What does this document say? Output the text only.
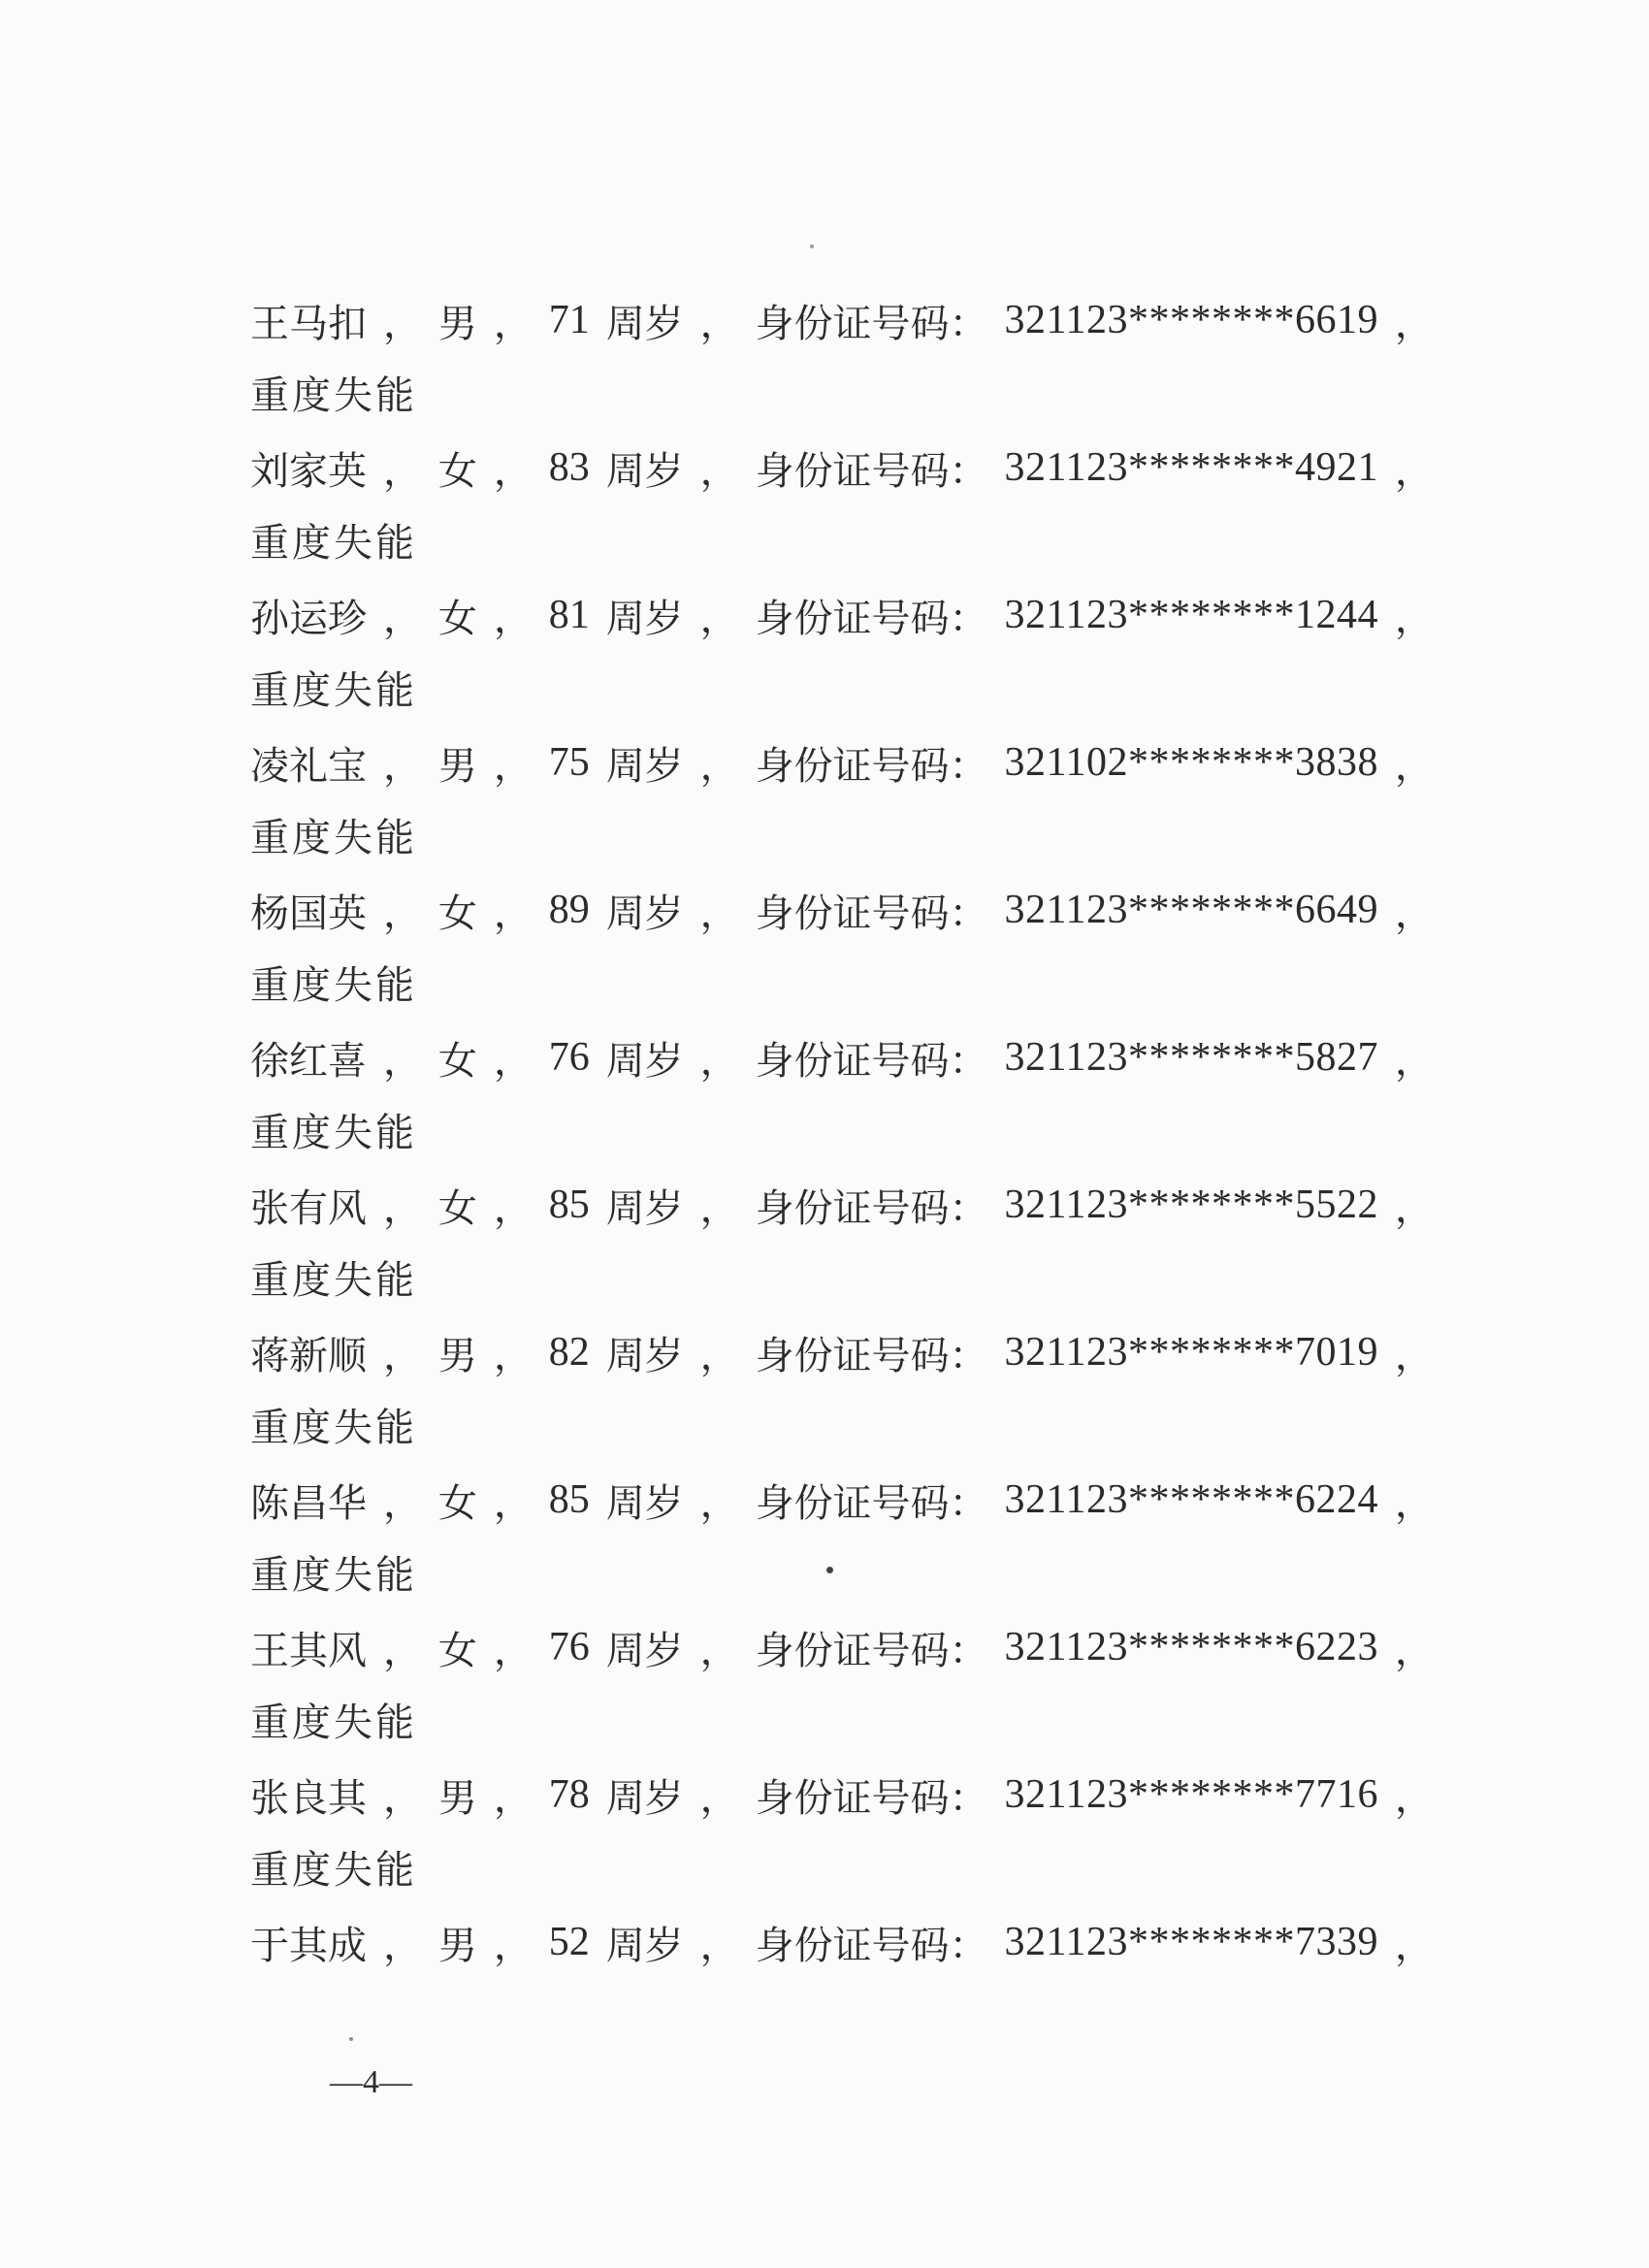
王马扣 ， 男 ， 71 周岁 ， 身份证号码： 321123********6619 ，
重度失能
刘家英 ， 女 ， 83 周岁 ， 身份证号码： 321123********4921 ，
重度失能
孙运珍 ， 女 ， 81 周岁 ， 身份证号码： 321123********1244 ，
重度失能
凌礼宝 ， 男 ， 75 周岁 ， 身份证号码： 321102********3838 ，
重度失能
杨国英 ， 女 ， 89 周岁 ， 身份证号码： 321123********6649 ，
重度失能
徐红喜 ， 女 ， 76 周岁 ， 身份证号码： 321123********5827 ，
重度失能
张有风 ， 女 ， 85 周岁 ， 身份证号码： 321123********5522 ，
重度失能
蒋新顺 ， 男 ， 82 周岁 ， 身份证号码： 321123********7019 ，
重度失能
陈昌华 ， 女 ， 85 周岁 ， 身份证号码： 321123********6224 ，
重度失能
王其风 ， 女 ， 76 周岁 ， 身份证号码： 321123********6223 ，
重度失能
张良其 ， 男 ， 78 周岁 ， 身份证号码： 321123********7716 ，
重度失能
于其成 ， 男 ， 52 周岁 ， 身份证号码： 321123********7339 ，
—4—
